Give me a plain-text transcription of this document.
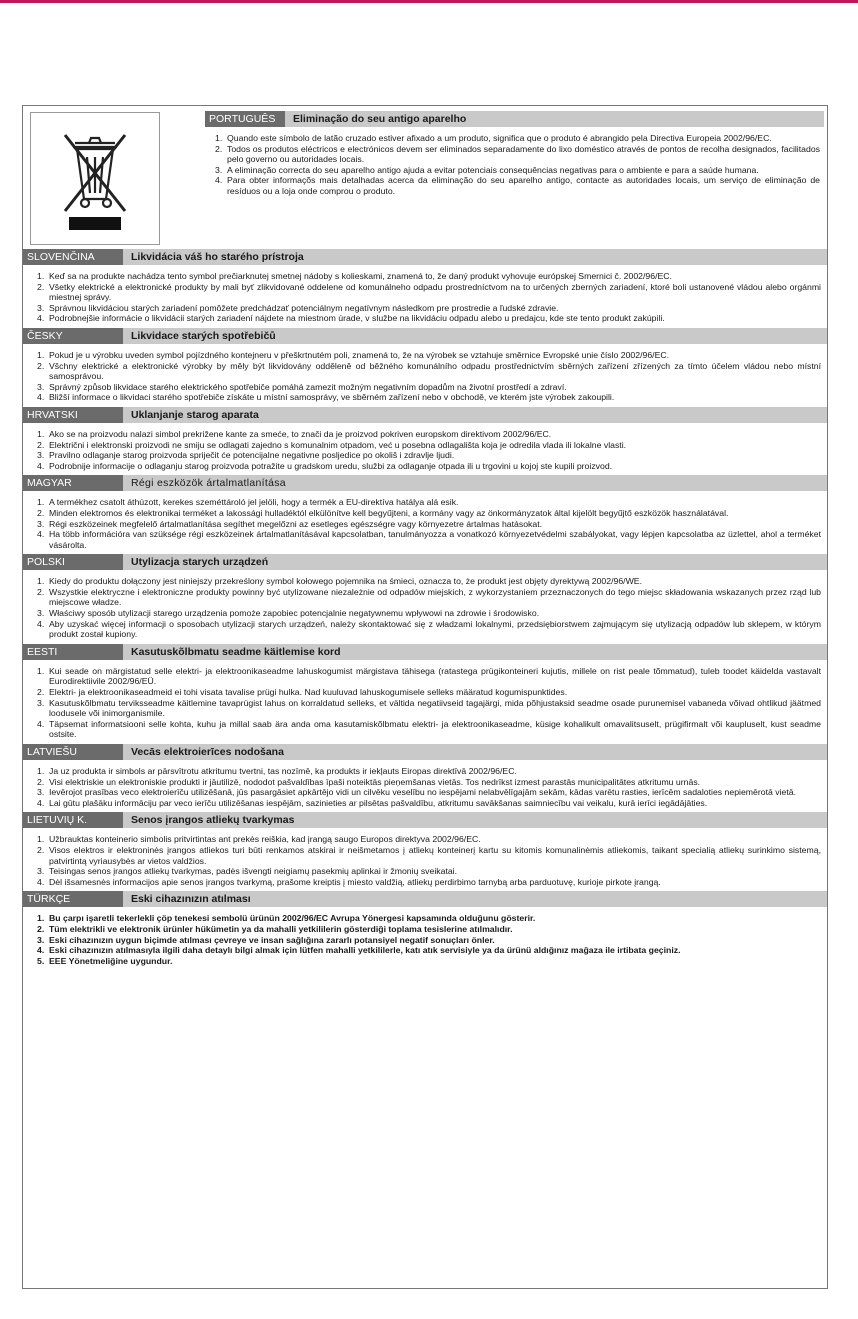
PORTUGUÊS	Eliminação do seu antigo aparelho
1. Quando este símbolo de latão cruzado estiver afixado a um produto, significa que o produto é abrangido pela Directiva Europeia 2002/96/EC.
2. Todos os produtos eléctricos e electrónicos devem ser eliminados separadamente do lixo doméstico através de pontos de recolha designados, facilitados pelo governo ou autoridades locais.
3. A eliminação correcta do seu aparelho antigo ajuda a evitar potenciais consequências negativas para o ambiente e para a saúde humana.
4. Para obter informaçõs mais detalhadas acerca da eliminação do seu aparelho antigo, contacte as autoridades locais, um serviço de eliminação de resíduos ou a loja onde comprou o produto.
SLOVENČINA	Likvidácia váš ho starého prístroja
1. Keď sa na produkte nachádza tento symbol prečiarknutej smetnej nádoby s kolieskami, znamená to, že daný produkt vyhovuje európskej Smernici č. 2002/96/EC.
2. Všetky elektrické a elektronické produkty by mali byť zlikvidované oddelene od komunálneho odpadu prostredníctvom na to určených zberných zariadení, ktoré boli ustanovené vládou alebo orgánmi miestnej správy.
3. Správnou likvidáciou starých zariadení pomôžete predchádzať potenciálnym negatívnym následkom pre prostredie a ľudské zdravie.
4. Podrobnejšie informácie o likvidácii starých zariadení nájdete na miestnom úrade, v službe na likvidáciu odpadu alebo u predajcu, kde ste tento produkt zakúpili.
ČESKY	Likvidace starých spotřebičů
1. Pokud je u výrobku uveden symbol pojízdného kontejneru v přeškrtnutém poli, znamená to, že na výrobek se vztahuje směrnice Evropské unie číslo 2002/96/EC.
2. Všchny elektrické a elektronické výrobky by měly být likvidovány odděleně od běžného komunálního odpadu prostřednictvím sběrných zařízení zřízených za tímto účelem vládou nebo místní samosprávou.
3. Správný způsob likvidace starého elektrického spotřebiče pomáhá zamezit možným negativním dopadům na životní prostředí a zdraví.
4. Bližší informace o likvidaci starého spotřebiče získáte u místní samosprávy, ve sběrném zařízení nebo v obchodě, ve kterém jste výrobek zakoupili.
HRVATSKI	Uklanjanje starog aparata
1. Ako se na proizvodu nalazi simbol prekrižene kante za smeće, to znači da je proizvod pokriven europskom direktivom 2002/96/EC.
2. Električni i elektronski proizvodi ne smiju se odlagati zajedno s komunalnim otpadom, već u posebna odlagališta koja je odredila vlada ili lokalne vlasti.
3. Pravilno odlaganje starog proizvoda spriječit će potencijalne negativne posljedice po okoliš i zdravlje ljudi.
4. Podrobnije informacije o odlaganju starog proizvoda potražite u gradskom uredu, službi za odlaganje otpada ili u trgovini u kojoj ste kupili proizvod.
MAGYAR	Régi eszközök ártalmatlanítása
1. A termékhez csatolt áthúzott, kerekes szeméttároló jel jelöli, hogy a termék a EU-direktíva hatálya alá esik.
2. Minden elektromos és elektronikai terméket a lakossági hulladéktól elkülönítve kell begyűjteni, a kormány vagy az önkormányzatok által kijelölt begyűjtő eszközök használatával.
3. Régi eszközeinek megfelelő ártalmatlanítása segíthet megelőzni az esetleges egészségre vagy környezetre ártalmas hatásokat.
4. Ha több információra van szüksége régi eszközeinek ártalmatlanításával kapcsolatban, tanulmányozza a vonatkozó környezetvédelmi szabályokat, vagy lépjen kapcsolatba az üzlettel, ahol a terméket vásárolta.
POLSKI	Utylizacja starych urządzeń
1. Kiedy do produktu dołączony jest niniejszy przekreślony symbol kołowego pojemnika na śmieci, oznacza to, że produkt jest objęty dyrektywą 2002/96/WE.
2. Wszystkie elektryczne i elektroniczne produkty powinny być utylizowane niezależnie od odpadów miejskich, z wykorzystaniem przeznaczonych do tego miejsc składowania wskazanych przez rząd lub miejscowe władze.
3. Właściwy sposób utylizacji starego urządzenia pomoże zapobiec potencjalnie negatywnemu wpływowi na zdrowie i środowisko.
4. Aby uzyskać więcej informacji o sposobach utylizacji starych urządzeń, należy skontaktować się z władzami lokalnymi, przedsiębiorstwem zajmującym się utylizacją odpadów lub sklepem, w którym produkt został kupiony.
EESTI	Kasutuskõlbmatu seadme käitlemise kord
1. Kui seade on märgistatud selle elektri- ja elektroonikaseadme lahuskogumist märgistava tähisega (ratastega prügikonteineri kujutis, millele on rist peale tõmmatud), tuleb toodet käidelda vastavalt Eurodirektiivile 2002/96/EÜ.
2. Elektri- ja elektroonikaseadmeid ei tohi visata tavalise prügi hulka. Nad kuuluvad lahuskogumisele selleks määratud kogumispunktides.
3. Kasutuskõlbmatu terviksseadme käitlemine tavaprügist lahus on korraldatud selleks, et vältida negatiivseid tagajärgi, mida põhjustaksid seadme osade purunemisel vabaneda võivad ohtlikud jäätmed loodusele või inimorganismile.
4. Täpsemat informatsiooni selle kohta, kuhu ja millal saab ära anda oma kasutamiskõlbmatu elektri- ja elektroonikaseadme, küsige kohalikult omavalitsuselt, prügifirmalt või kaupluselt, kust seadme ostsite.
LATVIEŠU	Vecās elektroierīces nodošana
1. Ja uz produkta ir simbols ar pārsvītrotu atkritumu tvertni, tas nozīmē, ka produkts ir iekļauts Eiropas direktīvā 2002/96/EC.
2. Visi elektriskie un elektroniskie produkti ir jāutilizē, nododot pašvaldības īpaši noteiktās pieņemšanas vietās. Tos nedrīkst izmest parastās municipalitātes atkritumu urnās.
3. Ievērojot prasības veco elektroierīču utilizēšanā, jūs pasargāsiet apkārtējo vidi un cilvēku veselību no iespējami nelabvēlīgajām sekām, kādas varētu rasties, ierīcēm sadaloties nepiemērotā vietā.
4. Lai gūtu plašāku informāciju par veco ierīču utilizēšanas iespējām, sazinieties ar pilsētas pašvaldību, atkritumu savākšanas saimniecību vai veikalu, kurā ierīci iegādājāties.
LIETUVIŲ K.	Senos įrangos atliekų tvarkymas
1. Užbrauktas konteinerio simbolis pritvirtintas ant prekės reiškia, kad įrangą saugo Europos direktyva 2002/96/EC.
2. Visos elektros ir elektroninės įrangos atliekos turi būti renkamos atskirai ir neišmetamos į atliekų konteinerį kartu su kitomis komunalinėmis atliekomis, taikant specialią atliekų surinkimo sistemą, patvirtintą vyriausybės ar vietos valdžios.
3. Teisingas senos įrangos atliekų tvarkymas, padės išvengti neigiamų pasekmių aplinkai ir žmonių sveikatai.
4. Dėl išsamesnės informacijos apie senos įrangos tvarkymą, prašome kreiptis į miesto valdžią, atliekų perdirbimo tarnybą arba parduotuvę, kurioje pirkote įrangą.
TÜRKÇE	Eski cihazınızın atılması
1. Bu çarpı işaretli tekerlekli çöp tenekesi sembolü ürünün 2002/96/EC Avrupa Yönergesi kapsamında olduğunu gösterir.
2. Tüm elektrikli ve elektronik ürünler hükümetin ya da mahalli yetkililerin gösterdiği toplama tesislerine atılmalıdır.
3. Eski cihazınızın uygun biçimde atılması çevreye ve insan sağlığına zararlı potansiyel negatif sonuçları önler.
4. Eski cihazınızın atılmasıyla ilgili daha detaylı bilgi almak için lütfen mahalli yetkililerle, katı atık servisiyle ya da ürünü aldığınız mağaza ile irtibata geçiniz.
5. EEE Yönetmeliğine uygundur.
